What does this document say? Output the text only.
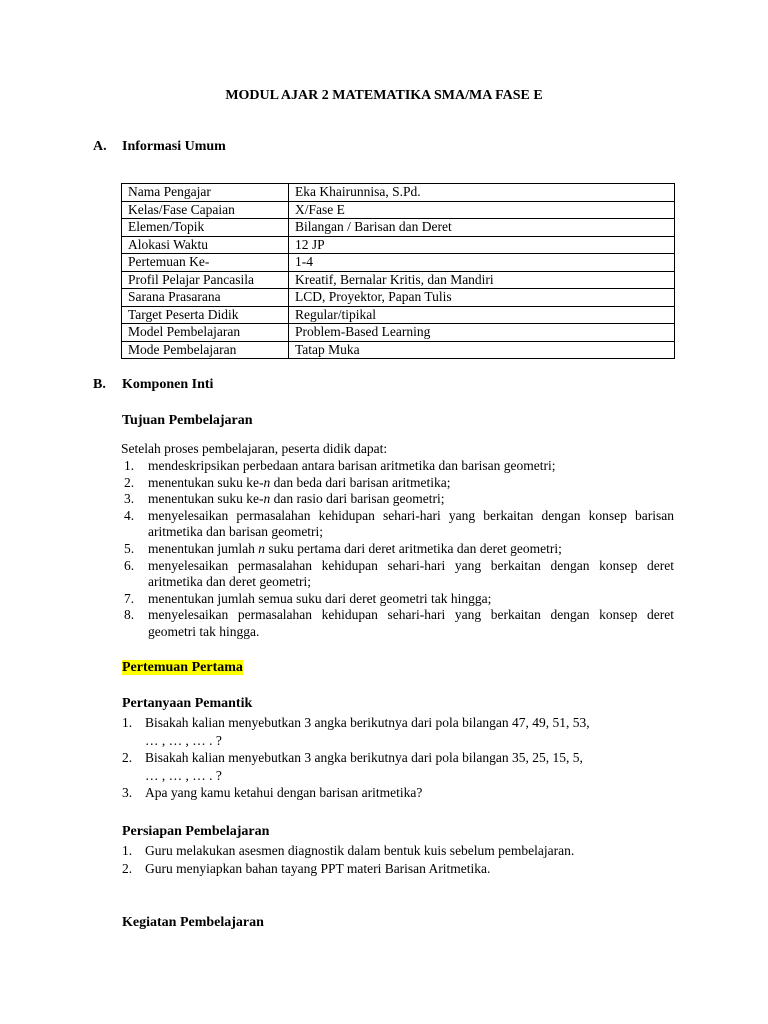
MODUL AJAR 2 MATEMATIKA SMA/MA FASE E
A. Informasi Umum
Nama Pengajar	Eka Khairunnisa, S.Pd.
Kelas/Fase Capaian	X/Fase E
Elemen/Topik	Bilangan / Barisan dan Deret
Alokasi Waktu	12 JP
Pertemuan Ke-	1-4
Profil Pelajar Pancasila	Kreatif, Bernalar Kritis, dan Mandiri
Sarana Prasarana	LCD, Proyektor, Papan Tulis
Target Peserta Didik	Regular/tipikal
Model Pembelajaran	Problem-Based Learning
Mode Pembelajaran	Tatap Muka
B. Komponen Inti
Tujuan Pembelajaran
Setelah proses pembelajaran, peserta didik dapat:
1. mendeskripsikan perbedaan antara barisan aritmetika dan barisan geometri;
2. menentukan suku ke-n dan beda dari barisan aritmetika;
3. menentukan suku ke-n dan rasio dari barisan geometri;
4. menyelesaikan permasalahan kehidupan sehari-hari yang berkaitan dengan konsep barisan aritmetika dan barisan geometri;
5. menentukan jumlah n suku pertama dari deret aritmetika dan deret geometri;
6. menyelesaikan permasalahan kehidupan sehari-hari yang berkaitan dengan konsep deret aritmetika dan deret geometri;
7. menentukan jumlah semua suku dari deret geometri tak hingga;
8. menyelesaikan permasalahan kehidupan sehari-hari yang berkaitan dengan konsep deret geometri tak hingga.
Pertemuan Pertama
Pertanyaan Pemantik
1. Bisakah kalian menyebutkan 3 angka berikutnya dari pola bilangan 47, 49, 51, 53,
… , … , … . ?
2. Bisakah kalian menyebutkan 3 angka berikutnya dari pola bilangan 35, 25, 15, 5,
… , … , … . ?
3. Apa yang kamu ketahui dengan barisan aritmetika?
Persiapan Pembelajaran
1. Guru melakukan asesmen diagnostik dalam bentuk kuis sebelum pembelajaran.
2. Guru menyiapkan bahan tayang PPT materi Barisan Aritmetika.
Kegiatan Pembelajaran
